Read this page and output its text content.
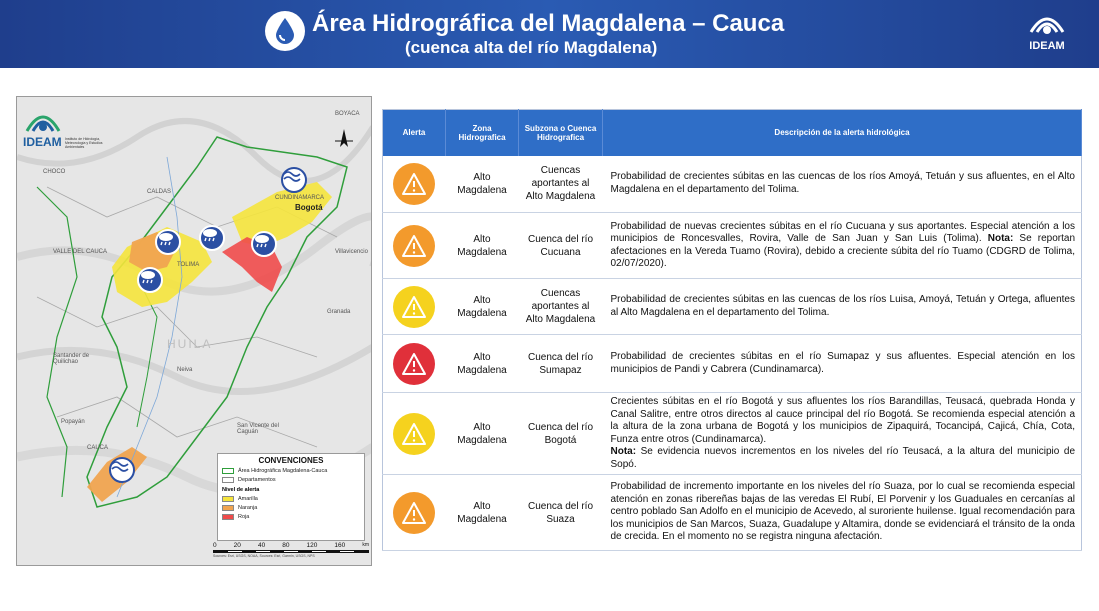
Área Hidrográfica del Magdalena – Cauca
(cuenca alta del río Magdalena)	IDEAM
IDEAM Instituto de Hidrología, Meteorología y Estudios Ambientales
BOYACA
CHOCO
CALDAS
Bogotá
CUNDINAMARCA
TOLIMA
VALLE DEL CAUCA
HUILA
Villavicencio
Granada
Santander de Quilichao
Neiva
Popayán
San Vicente del Caguán
CAUCA
CONVENCIONES
Área Hidrográfica Magdalena-Cauca
Departamentos
Nivel de alerta
Amarilla
Naranja
Roja
0	20	40	80	120	160	km
Sources: Esri, USGS, NOAA, Sources: Esri, Garmin, USGS, NPS
Alerta	Zona Hidrografica	Subzona o Cuenca Hidrografica	Descripción de la alerta hidrológica

	Alto Magdalena	Cuencas aportantes al Alto Magdalena	Probabilidad de crecientes súbitas en las cuencas de los ríos Amoyá, Tetuán y sus afluentes, en el Alto Magdalena en el departamento del Tolima.

	Alto Magdalena	Cuenca del río Cucuana	Probabilidad de nuevas crecientes súbitas en el río Cucuana y sus aportantes. Especial atención a los municipios de Roncesvalles, Rovira, Valle de San Juan y San Luis (Tolima). Nota: Se reportan afectaciones en la Vereda Tuamo (Rovira), debido a creciente súbita del río Tuamo (CDGRD de Tolima, 02/07/2020).

	Alto Magdalena	Cuencas aportantes al Alto Magdalena	Probabilidad de crecientes súbitas en las cuencas de los ríos Luisa, Amoyá, Tetuán y Ortega, afluentes al Alto Magdalena en el departamento del Tolima.

	Alto Magdalena	Cuenca del río Sumapaz	Probabilidad de crecientes súbitas en el río Sumapaz y sus afluentes. Especial atención en los municipios de Pandi y Cabrera (Cundinamarca).

	Alto Magdalena	Cuenca del río Bogotá	Crecientes súbitas en el río Bogotá y sus afluentes los ríos Barandillas, Teusacá, quebrada Honda y Canal Salitre, entre otros directos al cauce principal del río Bogotá. Se recomienda especial atención a la altura de la zona urbana de Bogotá y los municipios de Zipaquirá, Tocancipá, Cajicá, Chía, Cota, Funza entre otros (Cundinamarca).
Nota: Se evidencia nuevos incrementos en los niveles del río Teusacá, a la altura del municipio de Sopó.

	Alto Magdalena	Cuenca del río Suaza	Probabilidad de incremento importante en los niveles del río Suaza, por lo cual se recomienda especial atención en zonas ribereñas bajas de las veredas El Rubí, El Porvenir y los Guaduales en cercanías al centro poblado San Adolfo en el municipio de Acevedo, al suroriente huilense. Igual recomendación para los municipios de San Marcos, Suaza, Guadalupe y Altamira, donde se evidenciará el tránsito de la onda de crecida. En el momento no se registra ninguna afectación.
